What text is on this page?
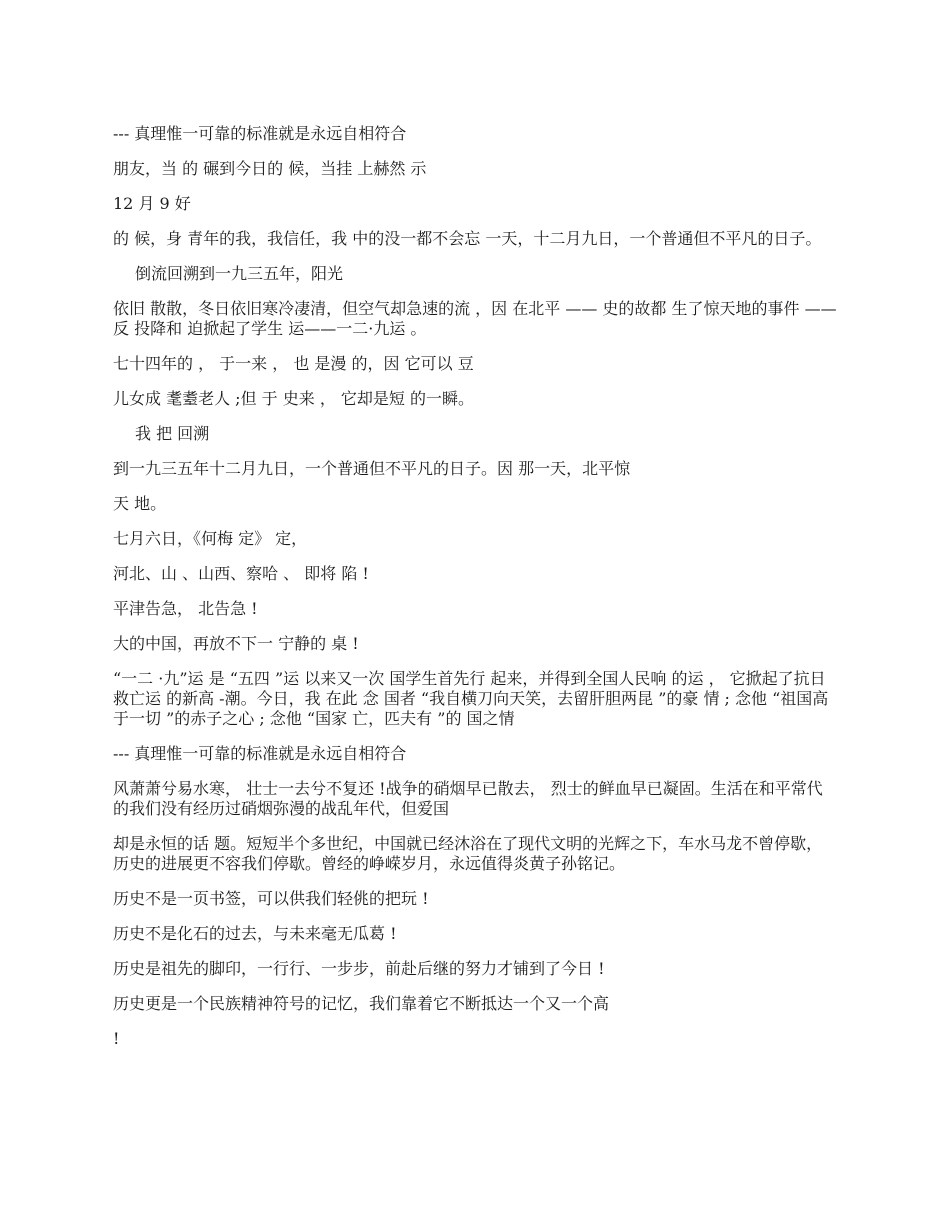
--- 真理惟一可靠的标准就是永远自相符合

朋友，当 的 碾到今日的 候，当挂 上赫然 示

12 月 9 好

的 候，身 青年的我，我信任，我 中的没一都不会忘 一天，十二月九日，一个普通但不平凡的日子。

倒流回溯到一九三五年，阳光

依旧 散散，冬日依旧寒冷凄清，但空气却急速的流 ，因 在北平 —— 史的故都 生了惊天地的事件 —— 反 投降和 迫掀起了学生 运——一二·九运 。

七十四年的 ， 于一来 ， 也 是漫 的，因 它可以 豆

儿女成 耄耋老人 ;但 于 史来 ， 它却是短 的一瞬。

我 把 回溯

到一九三五年十二月九日，一个普通但不平凡的日子。因 那一天，北平惊

天 地。

七月六日，《何梅 定》 定，

河北、山 、山西、察哈 、 即将 陷 !

平津告急， 北告急 !

大的中国，再放不下一 宁静的 桌 !

“一二 ·九”运 是 “五四 ”运 以来又一次 国学生首先行 起来，并得到全国人民响 的运 ， 它掀起了抗日救亡运 的新高 -潮。今日，我 在此 念 国者 “我自横刀向天笑，去留肝胆两昆 ”的豪 情 ; 念他 “祖国高于一切 ”的赤子之心 ; 念他 “国家 亡，匹夫有 ”的 国之情

--- 真理惟一可靠的标准就是永远自相符合

风萧萧兮易水寒， 壮士一去兮不复还 !战争的硝烟早已散去， 烈士的鲜血早已凝固。生活在和平常代的我们没有经历过硝烟弥漫的战乱年代，但爱国

却是永恒的话 题。短短半个多世纪，中国就已经沐浴在了现代文明的光辉之下，车水马龙不曾停歇，历史的进展更不容我们停歇。曾经的峥嵘岁月，永远值得炎黄子孙铭记。

历史不是一页书签，可以供我们轻佻的把玩 !

历史不是化石的过去，与未来毫无瓜葛 !

历史是祖先的脚印，一行行、一步步，前赴后继的努力才铺到了今日 !

历史更是一个民族精神符号的记忆，我们靠着它不断抵达一个又一个高

!
